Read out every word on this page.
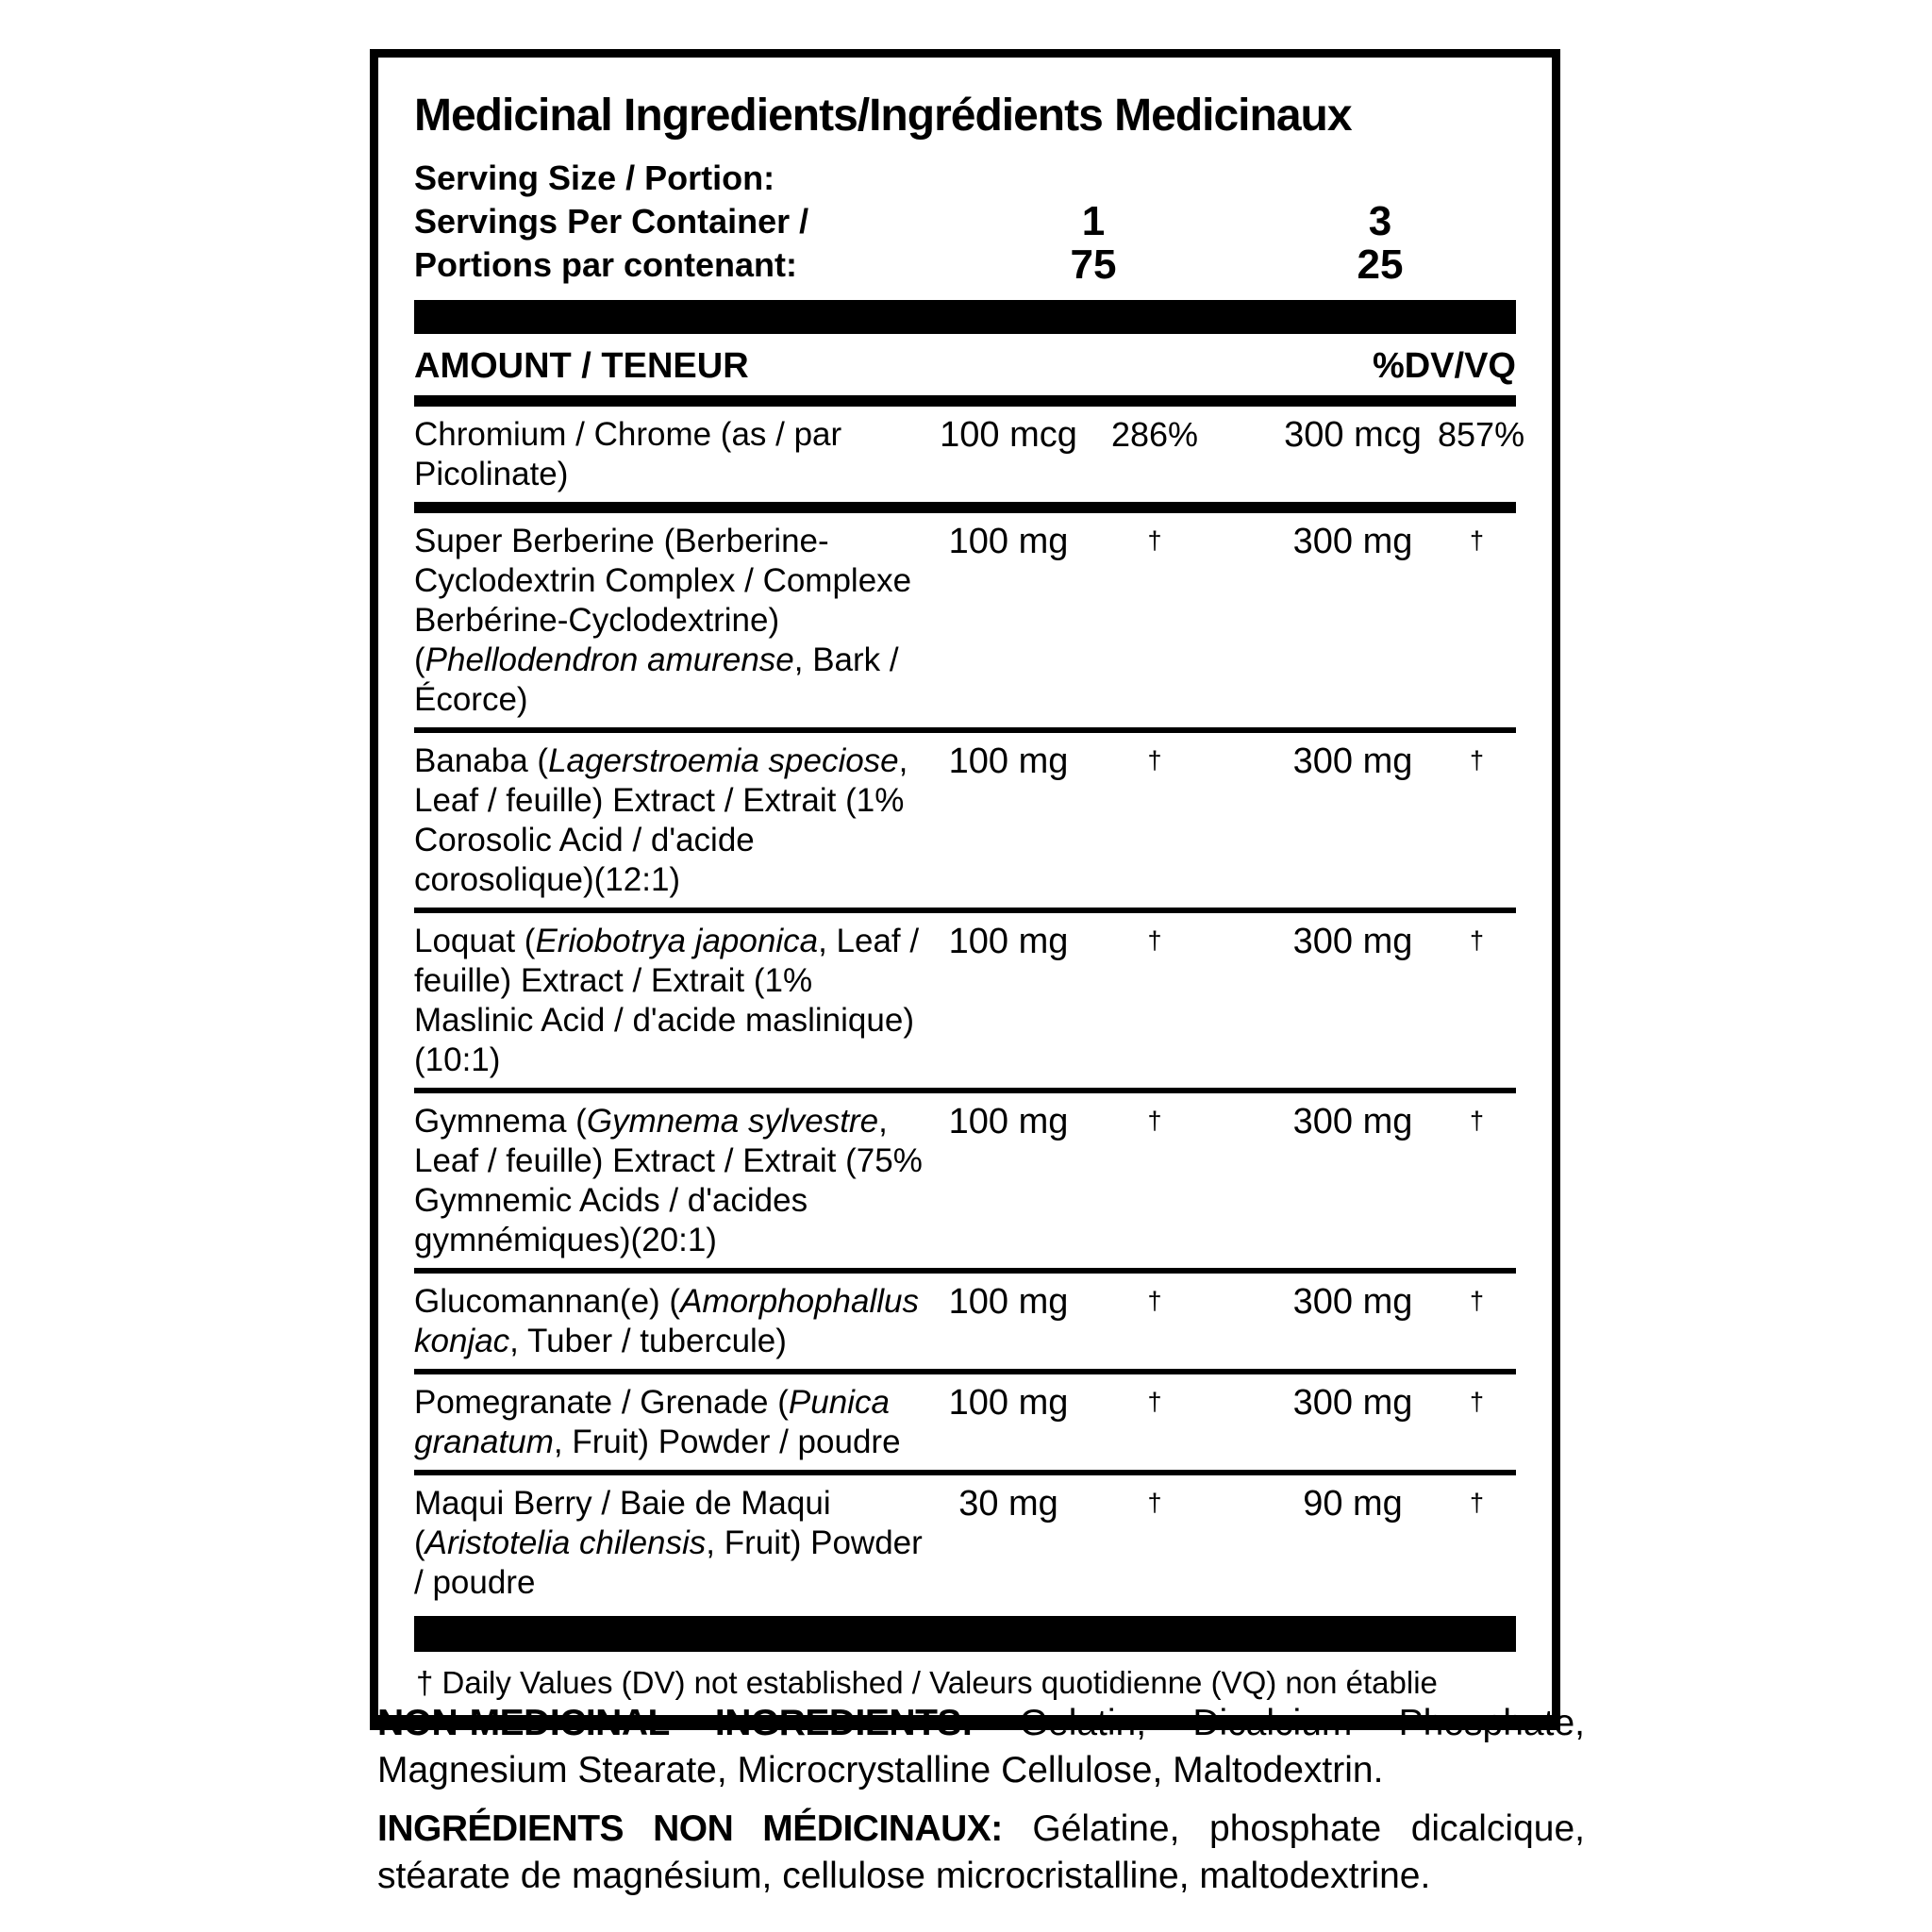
Medicinal Ingredients/Ingrédients Medicinaux
Serving Size / Portion:
Servings Per Container /	1	3
Portions par contenant:	75	25
AMOUNT / TENEUR	%DV/VQ
Chromium / Chrome (as / par Picolinate)
100 mcg	286%	300 mcg 857%
Super Berberine (Berberine-Cyclodextrin Complex / Complexe Berbérine-Cyclodextrine) (Phellodendron amurense, Bark / Écorce)
100 mg	†	300 mg	†
Banaba (Lagerstroemia speciose, Leaf / feuille) Extract / Extrait (1% Corosolic Acid / d'acide corosolique)(12:1)
100 mg	†	300 mg	†
Loquat (Eriobotrya japonica, Leaf / feuille) Extract / Extrait (1% Maslinic Acid / d'acide maslinique)(10:1)
100 mg	†	300 mg	†
Gymnema (Gymnema sylvestre, Leaf / feuille) Extract / Extrait (75% Gymnemic Acids / d'acides gymnémiques)(20:1)
100 mg	†	300 mg	†
Glucomannan(e) (Amorphophallus konjac, Tuber / tubercule)
100 mg	†	300 mg	†
Pomegranate / Grenade (Punica granatum, Fruit) Powder / poudre
100 mg	†	300 mg	†
Maqui Berry / Baie de Maqui (Aristotelia chilensis, Fruit) Powder / poudre
30 mg	†	90 mg	†
† Daily Values (DV) not established / Valeurs quotidienne (VQ) non établie

NON-MEDICINAL INGREDIENTS: Gelatin, Dicalcium Phosphate, Magnesium Stearate, Microcrystalline Cellulose, Maltodextrin.

INGRÉDIENTS NON MÉDICINAUX: Gélatine, phosphate dicalcique, stéarate de magnésium, cellulose microcristalline, maltodextrine.
